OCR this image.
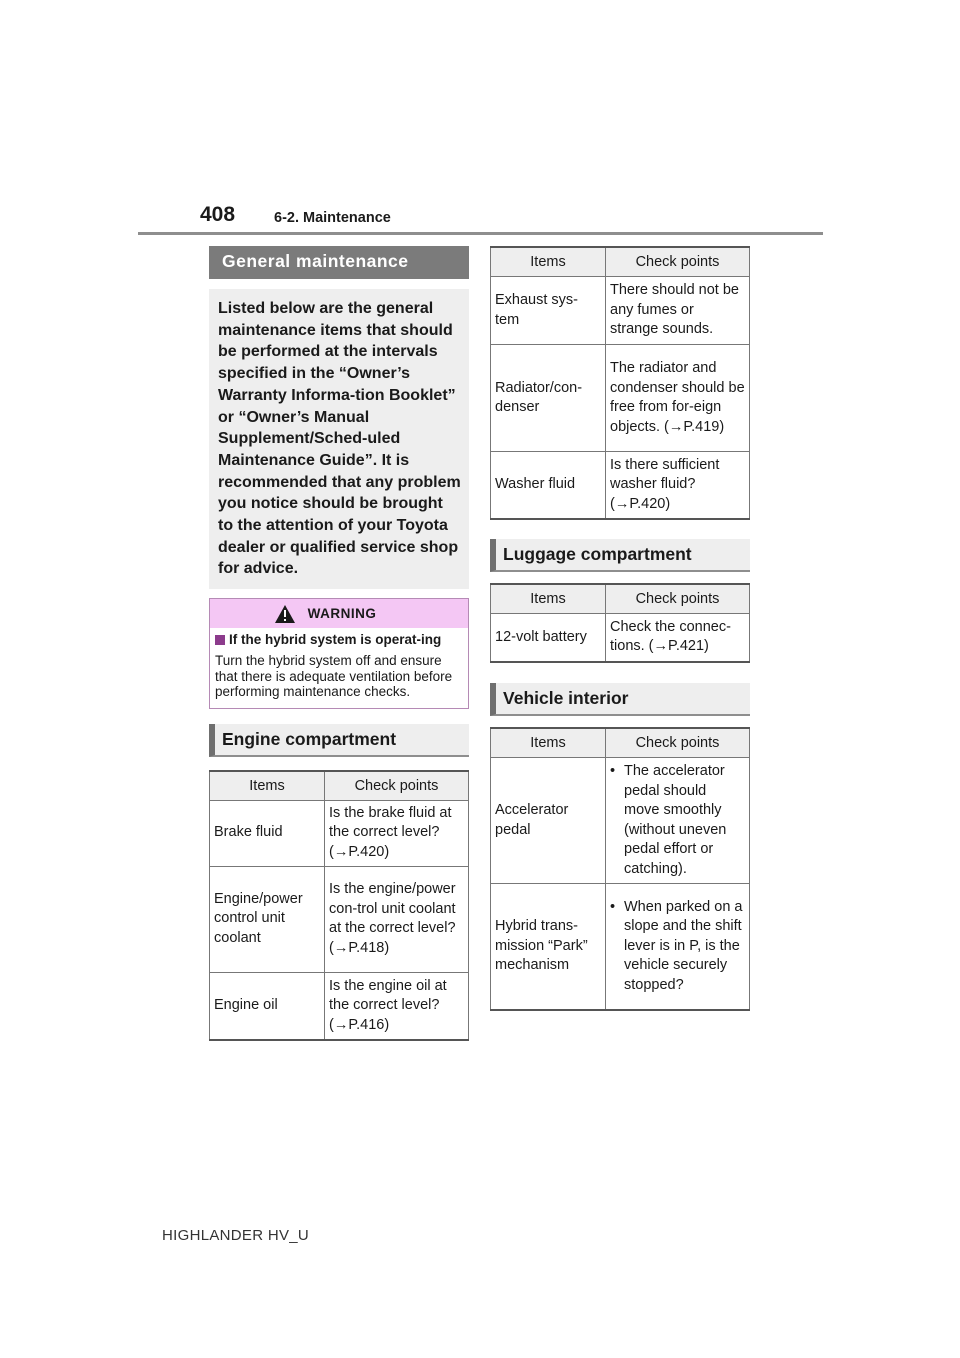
408	6-2. Maintenance
General maintenance
Listed below are the general maintenance items that should be performed at the intervals specified in the “Owner’s Warranty Informa-tion Booklet” or “Owner’s Manual Supplement/Sched-uled Maintenance Guide”. It is recommended that any problem you notice should be brought to the attention of your Toyota dealer or qualified service shop for advice.
WARNING
If the hybrid system is operat-ing
Turn the hybrid system off and ensure that there is adequate ventilation before performing maintenance checks.
Engine compartment
Items	Check points
Brake fluid	Is the brake fluid at the correct level? (→P.420)
Engine/power control unit coolant	Is the engine/power con-trol unit coolant at the correct level? (→P.418)
Engine oil	Is the engine oil at the correct level? (→P.416)
Items	Check points
Exhaust sys-tem	There should not be any fumes or strange sounds.
Radiator/con-denser	The radiator and condenser should be free from for-eign objects. (→P.419)
Washer fluid	Is there sufficient washer fluid? (→P.420)
Luggage compartment
Items	Check points
12-volt battery	Check the connec-tions. (→P.421)
Vehicle interior
Items	Check points
Accelerator pedal	• The accelerator pedal should move smoothly (without uneven pedal effort or catching).

Hybrid trans-mission “Park” mechanism	• When parked on a slope and the shift lever is in P, is the vehicle securely stopped?
HIGHLANDER HV_U
